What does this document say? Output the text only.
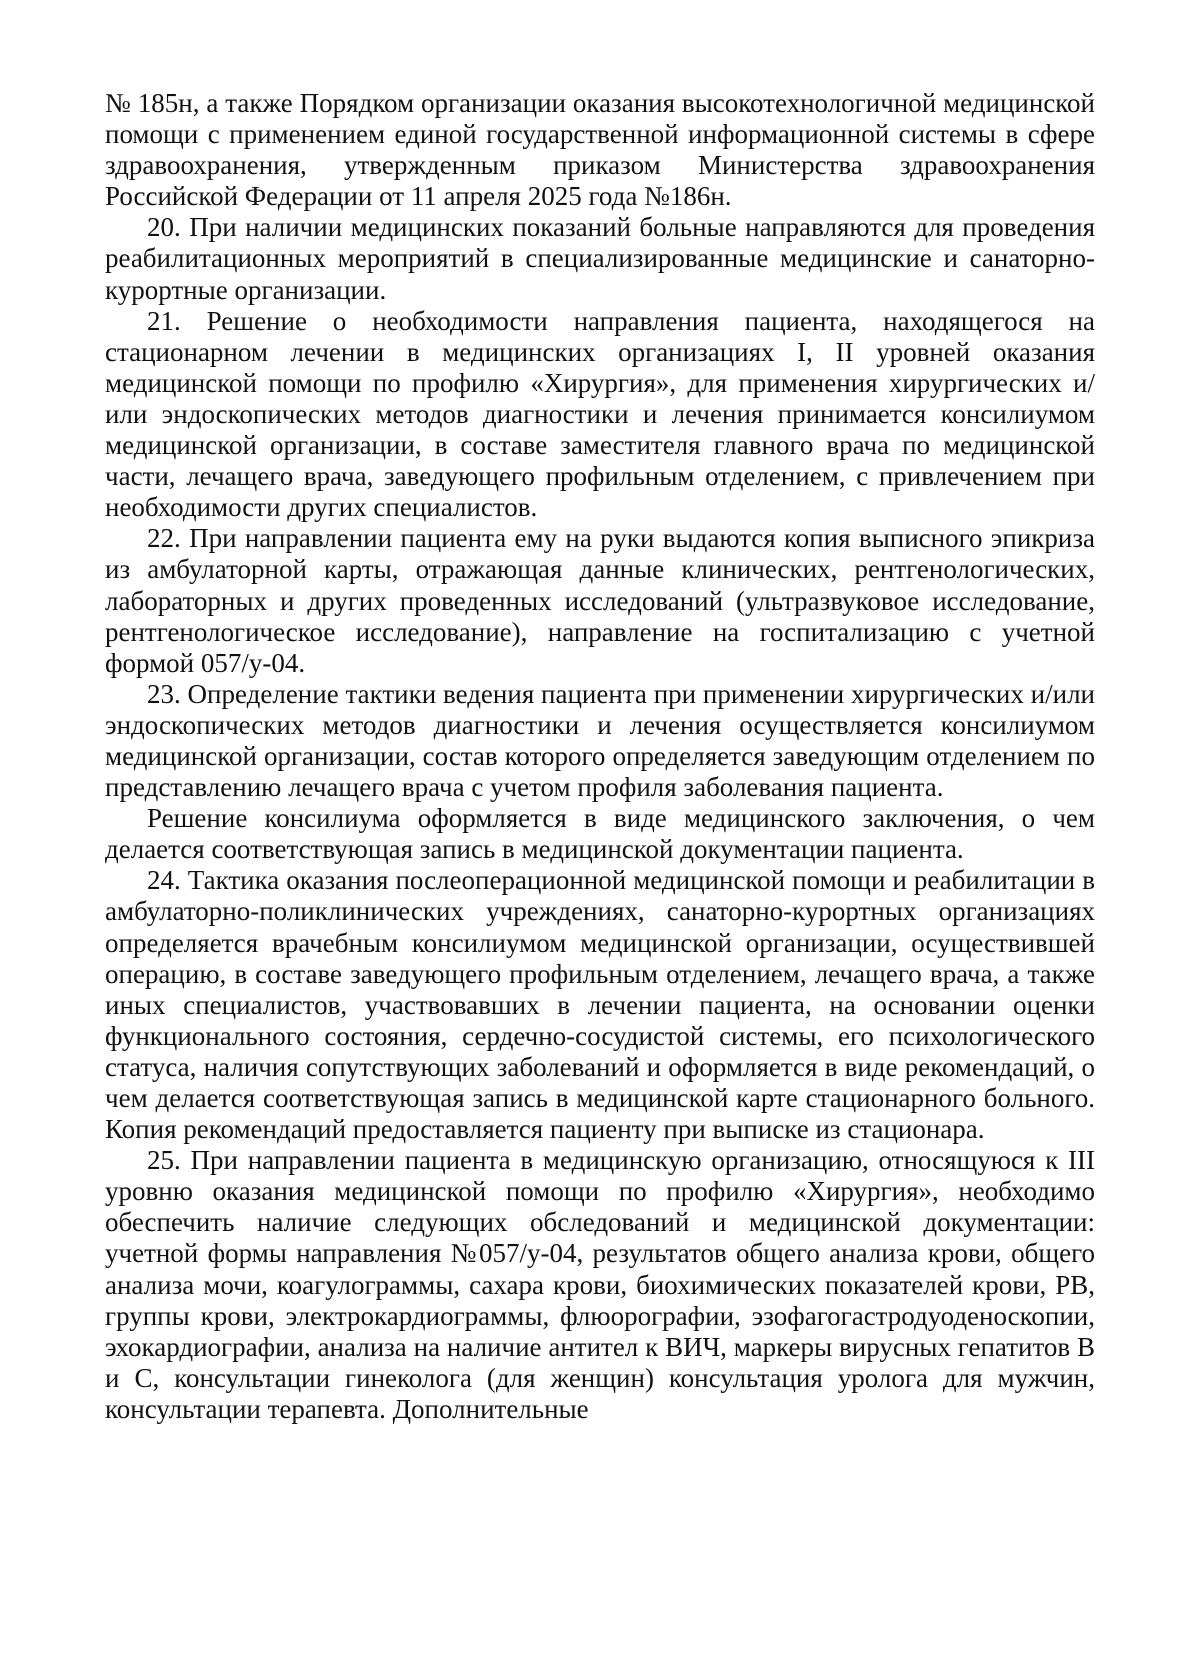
№ 185н, а также Порядком организации оказания высокотехнологичной медицинской помощи с применением единой государственной информационной системы в сфере здравоохранения, утвержденным приказом Министерства здравоохранения Российской Федерации от 11 апреля 2025 года №186н.

20. При наличии медицинских показаний больные направляются для проведения реабилитационных мероприятий в специализированные медицинские и санаторно-курортные организации.

21. Решение о необходимости направления пациента, находящегося на стационарном лечении в медицинских организациях I, II уровней оказания медицинской помощи по профилю «Хирургия», для применения хирургических и/или эндоскопических методов диагностики и лечения принимается консилиумом медицинской организации, в составе заместителя главного врача по медицинской части, лечащего врача, заведующего профильным отделением, с привлечением при необходимости других специалистов.

22. При направлении пациента ему на руки выдаются копия выписного эпикриза из амбулаторной карты, отражающая данные клинических, рентгенологических, лабораторных и других проведенных исследований (ультразвуковое исследование, рентгенологическое исследование), направление на госпитализацию с учетной формой 057/у-04.

23. Определение тактики ведения пациента при применении хирургических и/или эндоскопических методов диагностики и лечения осуществляется консилиумом медицинской организации, состав которого определяется заведующим отделением по представлению лечащего врача с учетом профиля заболевания пациента.

Решение консилиума оформляется в виде медицинского заключения, о чем делается соответствующая запись в медицинской документации пациента.

24. Тактика оказания послеоперационной медицинской помощи и реабилитации в амбулаторно-поликлинических учреждениях, санаторно-курортных организациях определяется врачебным консилиумом медицинской организации, осуществившей операцию, в составе заведующего профильным отделением, лечащего врача, а также иных специалистов, участвовавших в лечении пациента, на основании оценки функционального состояния, сердечно-сосудистой системы, его психологического статуса, наличия сопутствующих заболеваний и оформляется в виде рекомендаций, о чем делается соответствующая запись в медицинской карте стационарного больного. Копия рекомендаций предоставляется пациенту при выписке из стационара.

25. При направлении пациента в медицинскую организацию, относящуюся к III уровню оказания медицинской помощи по профилю «Хирургия», необходимо обеспечить наличие следующих обследований и медицинской документации: учетной формы направления №057/у-04, результатов общего анализа крови, общего анализа мочи, коагулограммы, сахара крови, биохимических показателей крови, РВ, группы крови, электрокардиограммы, флюорографии, эзофагогастродуоденоскопии, эхокардиографии, анализа на наличие антител к ВИЧ, маркеры вирусных гепатитов В и С, консультации гинеколога (для женщин) консультация уролога для мужчин, консультации терапевта. Дополнительные
